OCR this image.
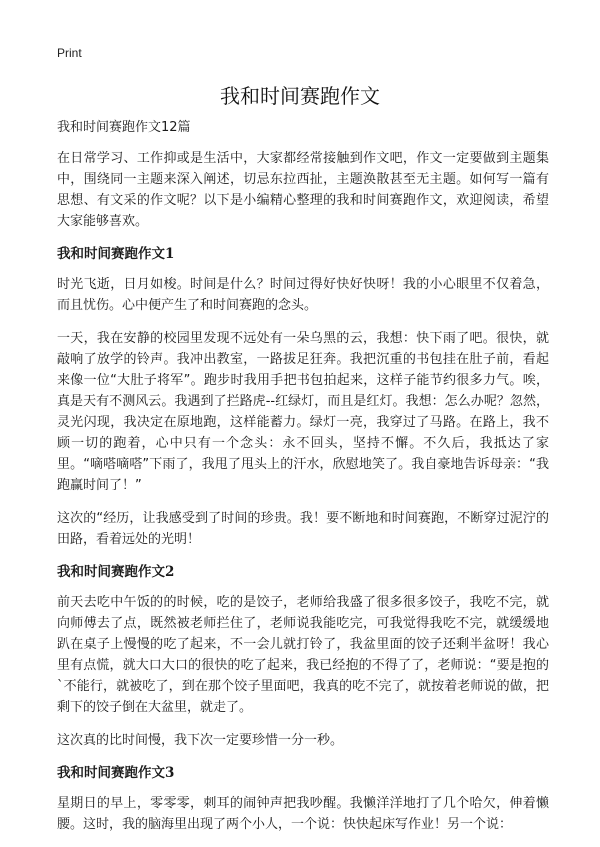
Print
我和时间赛跑作文
我和时间赛跑作文12篇

在日常学习、工作抑或是生活中，大家都经常接触到作文吧，作文一定要做到主题集中，围绕同一主题来深入阐述，切忌东拉西扯，主题涣散甚至无主题。如何写一篇有思想、有文采的作文呢？以下是小编精心整理的我和时间赛跑作文，欢迎阅读，希望大家能够喜欢。

我和时间赛跑作文1

时光飞逝，日月如梭。时间是什么？时间过得好快好快呀！我的小心眼里不仅着急，而且忧伤。心中便产生了和时间赛跑的念头。

一天，我在安静的校园里发现不远处有一朵乌黑的云，我想：快下雨了吧。很快，就敲响了放学的铃声。我冲出教室，一路拔足狂奔。我把沉重的书包挂在肚子前，看起来像一位“大肚子将军”。跑步时我用手把书包拍起来，这样子能节约很多力气。唉，真是天有不测风云。我遇到了拦路虎--红绿灯，而且是红灯。我想：怎么办呢？忽然，灵光闪现，我决定在原地跑，这样能蓄力。绿灯一亮，我穿过了马路。在路上，我不顾一切的跑着，心中只有一个念头：永不回头，坚持不懈。不久后，我抵达了家里。“嘀嗒嘀嗒”下雨了，我甩了甩头上的汗水，欣慰地笑了。我自豪地告诉母亲：“我跑赢时间了！”

这次的“经历，让我感受到了时间的珍贵。我！要不断地和时间赛跑，不断穿过泥泞的田路，看着远处的光明！

我和时间赛跑作文2

前天去吃中午饭的的时候，吃的是饺子，老师给我盛了很多很多饺子，我吃不完，就向师傅去了点，既然被老师拦住了，老师说我能吃完，可我觉得我吃不完，就缓缓地趴在桌子上慢慢的吃了起来，不一会儿就打铃了，我盆里面的饺子还剩半盆呀！我心里有点慌，就大口大口的很快的吃了起来，我已经抱的不得了了，老师说：“要是抱的`不能行，就被吃了，到在那个饺子里面吧，我真的吃不完了，就按着老师说的做，把剩下的饺子倒在大盆里，就走了。

这次真的比时间慢，我下次一定要珍惜一分一秒。

我和时间赛跑作文3

星期日的早上，零零零，刺耳的闹钟声把我吵醒。我懒洋洋地打了几个哈欠，伸着懒腰。这时，我的脑海里出现了两个小人，一个说：快快起床写作业！另一个说：
